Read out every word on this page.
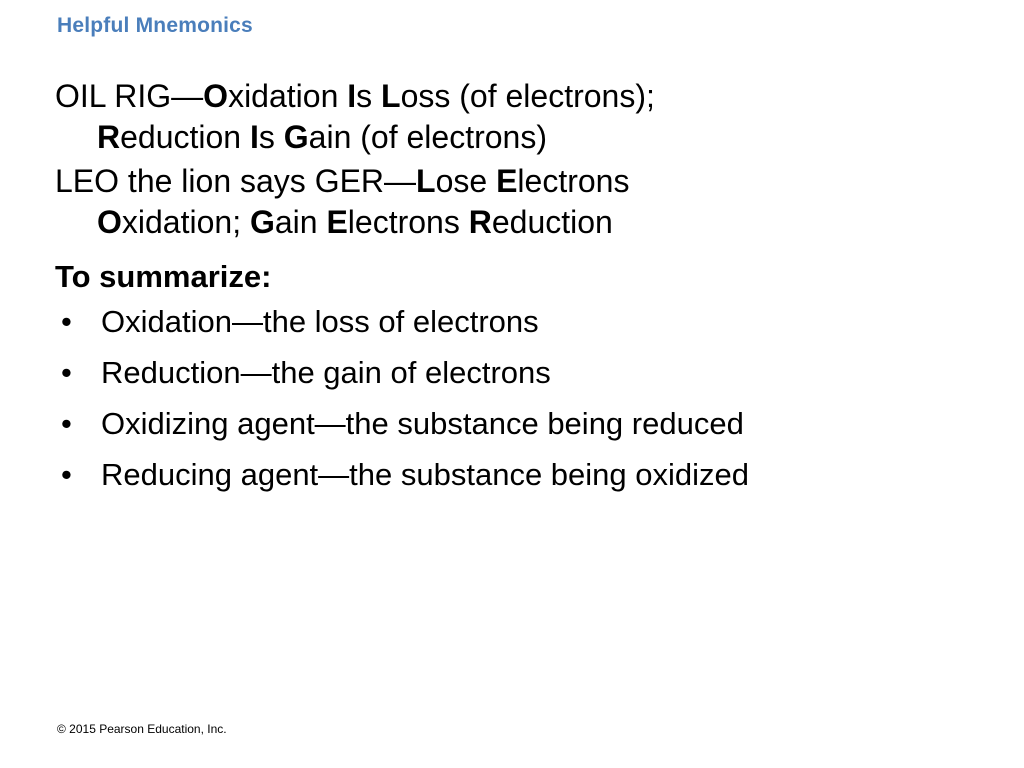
Helpful Mnemonics

OIL RIG—Oxidation Is Loss (of electrons);
Reduction Is Gain (of electrons)

LEO the lion says GER—Lose Electrons
Oxidation; Gain Electrons Reduction

To summarize:

• Oxidation—the loss of electrons
• Reduction—the gain of electrons
• Oxidizing agent—the substance being reduced
• Reducing agent—the substance being oxidized
© 2015 Pearson Education, Inc.
